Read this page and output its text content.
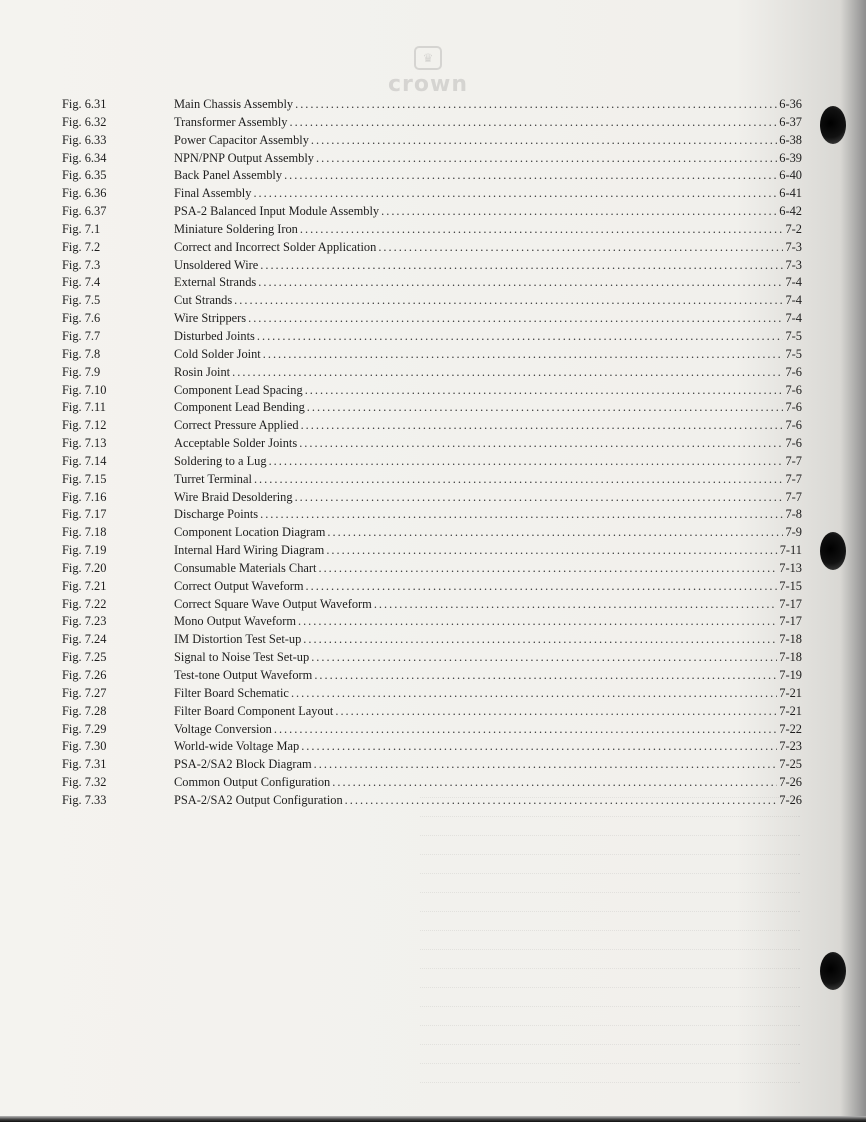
♛
crown
Fig. 6.31	Main Chassis Assembly .....	6-36
Fig. 6.32	Transformer Assembly .....	6-37
Fig. 6.33	Power Capacitor Assembly .....	6-38
Fig. 6.34	NPN/PNP Output Assembly .....	6-39
Fig. 6.35	Back Panel Assembly .....	6-40
Fig. 6.36	Final Assembly .....	6-41
Fig. 6.37	PSA-2 Balanced Input Module Assembly .....	6-42
Fig. 7.1	Miniature Soldering Iron .....	7-2
Fig. 7.2	Correct and Incorrect Solder Application .....	7-3
Fig. 7.3	Unsoldered Wire .....	7-3
Fig. 7.4	External Strands .....	7-4
Fig. 7.5	Cut Strands .....	7-4
Fig. 7.6	Wire Strippers .....	7-4
Fig. 7.7	Disturbed Joints .....	7-5
Fig. 7.8	Cold Solder Joint .....	7-5
Fig. 7.9	Rosin Joint .....	7-6
Fig. 7.10	Component Lead Spacing .....	7-6
Fig. 7.11	Component Lead Bending .....	7-6
Fig. 7.12	Correct Pressure Applied .....	7-6
Fig. 7.13	Acceptable Solder Joints .....	7-6
Fig. 7.14	Soldering to a Lug .....	7-7
Fig. 7.15	Turret Terminal .....	7-7
Fig. 7.16	Wire Braid Desoldering .....	7-7
Fig. 7.17	Discharge Points .....	7-8
Fig. 7.18	Component Location Diagram .....	7-9
Fig. 7.19	Internal Hard Wiring Diagram .....	7-11
Fig. 7.20	Consumable Materials Chart .....	7-13
Fig. 7.21	Correct Output Waveform .....	7-15
Fig. 7.22	Correct Square Wave Output Waveform .....	7-17
Fig. 7.23	Mono Output Waveform .....	7-17
Fig. 7.24	IM Distortion Test Set-up .....	7-18
Fig. 7.25	Signal to Noise Test Set-up .....	7-18
Fig. 7.26	Test-tone Output Waveform .....	7-19
Fig. 7.27	Filter Board Schematic .....	7-21
Fig. 7.28	Filter Board Component Layout .....	7-21
Fig. 7.29	Voltage Conversion .....	7-22
Fig. 7.30	World-wide Voltage Map .....	7-23
Fig. 7.31	PSA-2/SA2 Block Diagram .....	7-25
Fig. 7.32	Common Output Configuration .....	7-26
Fig. 7.33	PSA-2/SA2 Output Configuration .....	7-26
